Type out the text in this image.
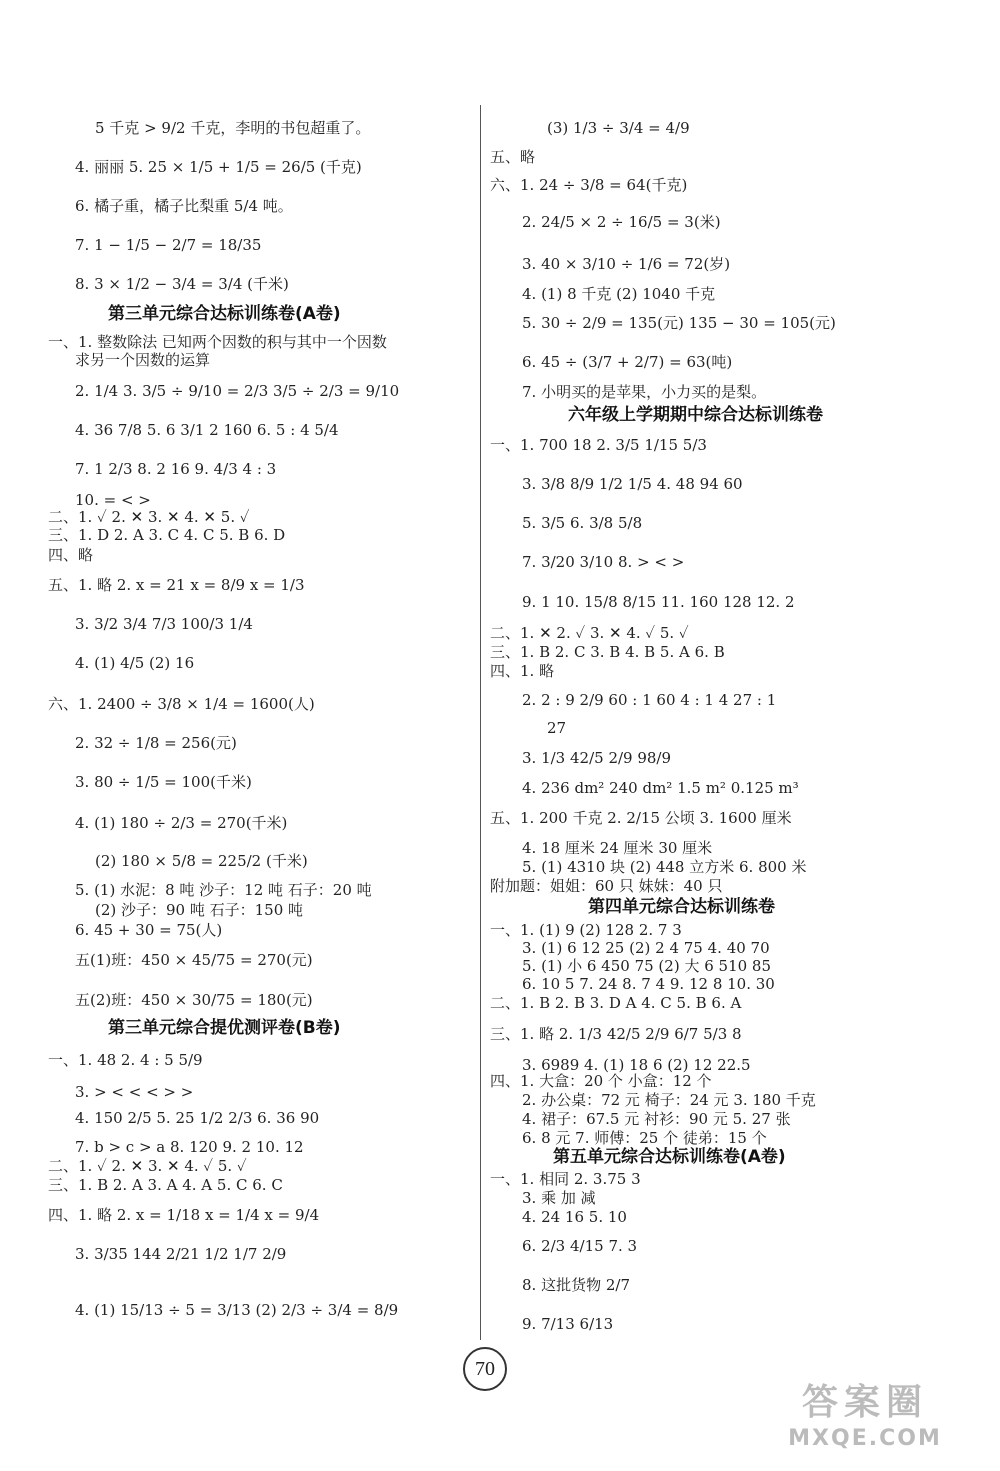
5 千克 > 9/2 千克，李明的书包超重了。
4. 丽丽 5. 25 × 1/5 + 1/5 = 26/5 (千克)
6. 橘子重，橘子比梨重 5/4 吨。
7. 1 − 1/5 − 2/7 = 18/35
8. 3 × 1/2 − 3/4 = 3/4 (千米)
一、1. 整数除法 已知两个因数的积与其中一个因数
求另一个因数的运算
2. 1/4 3. 3/5 ÷ 9/10 = 2/3 3/5 ÷ 2/3 = 9/10
4. 36 7/8 5. 6 3/1 2 160 6. 5 : 4 5/4
7. 1 2/3 8. 2 16 9. 4/3 4 : 3
10. = < >
二、1. ✓ 2. ✕ 3. ✕ 4. ✕ 5. ✓
三、1. D 2. A 3. C 4. C 5. B 6. D
四、略
五、1. 略 2. x = 21 x = 8/9 x = 1/3
3. 3/2 3/4 7/3 100/3 1/4
4. (1) 4/5 (2) 16
六、1. 2400 ÷ 3/8 × 1/4 = 1600(人)
2. 32 ÷ 1/8 = 256(元)
3. 80 ÷ 1/5 = 100(千米)
4. (1) 180 ÷ 2/3 = 270(千米)
(2) 180 × 5/8 = 225/2 (千米)
5. (1) 水泥：8 吨 沙子：12 吨 石子：20 吨
(2) 沙子：90 吨 石子：150 吨
6. 45 + 30 = 75(人)
五(1)班：450 × 45/75 = 270(元)
五(2)班：450 × 30/75 = 180(元)
一、1. 48 2. 4 : 5 5/9
3. > < < < > >
4. 150 2/5 5. 25 1/2 2/3 6. 36 90
7. b > c > a 8. 120 9. 2 10. 12
二、1. ✓ 2. ✕ 3. ✕ 4. ✓ 5. ✓
三、1. B 2. A 3. A 4. A 5. C 6. C
四、1. 略 2. x = 1/18 x = 1/4 x = 9/4
3. 3/35 144 2/21 1/2 1/7 2/9
4. (1) 15/13 ÷ 5 = 3/13 (2) 2/3 ÷ 3/4 = 8/9
第三单元综合达标训练卷(A卷)
第三单元综合提优测评卷(B卷)
(3) 1/3 ÷ 3/4 = 4/9
五、略
六、1. 24 ÷ 3/8 = 64(千克)
2. 24/5 × 2 ÷ 16/5 = 3(米)
3. 40 × 3/10 ÷ 1/6 = 72(岁)
4. (1) 8 千克 (2) 1040 千克
5. 30 ÷ 2/9 = 135(元) 135 − 30 = 105(元)
6. 45 ÷ (3/7 + 2/7) = 63(吨)
7. 小明买的是苹果，小力买的是梨。
一、1. 700 18 2. 3/5 1/15 5/3
3. 3/8 8/9 1/2 1/5 4. 48 94 60
5. 3/5 6. 3/8 5/8
7. 3/20 3/10 8. > < >
9. 1 10. 15/8 8/15 11. 160 128 12. 2
二、1. ✕ 2. ✓ 3. ✕ 4. ✓ 5. ✓
三、1. B 2. C 3. B 4. B 5. A 6. B
四、1. 略
2. 2 : 9 2/9 60 : 1 60 4 : 1 4 27 : 1
27
3. 1/3 42/5 2/9 98/9
4. 236 dm² 240 dm² 1.5 m² 0.125 m³
五、1. 200 千克 2. 2/15 公顷 3. 1600 厘米
4. 18 厘米 24 厘米 30 厘米
5. (1) 4310 块 (2) 448 立方米 6. 800 米
附加题：姐姐：60 只 妹妹：40 只
一、1. (1) 9 (2) 128 2. 7 3
3. (1) 6 12 25 (2) 2 4 75 4. 40 70
5. (1) 小 6 450 75 (2) 大 6 510 85
6. 10 5 7. 24 8. 7 4 9. 12 8 10. 30
二、1. B 2. B 3. D A 4. C 5. B 6. A
三、1. 略 2. 1/3 42/5 2/9 6/7 5/3 8
3. 6989 4. (1) 18 6 (2) 12 22.5
四、1. 大盒：20 个 小盒：12 个
2. 办公桌：72 元 椅子：24 元 3. 180 千克
4. 裙子：67.5 元 衬衫：90 元 5. 27 张
6. 8 元 7. 师傅：25 个 徒弟：15 个
一、1. 相同 2. 3.75 3
3. 乘 加 减
4. 24 16 5. 10
6. 2/3 4/15 7. 3
8. 这批货物 2/7
9. 7/13 6/13
六年级上学期期中综合达标训练卷
第四单元综合达标训练卷
第五单元综合达标训练卷(A卷)
70
答案圈
MXQE.COM
